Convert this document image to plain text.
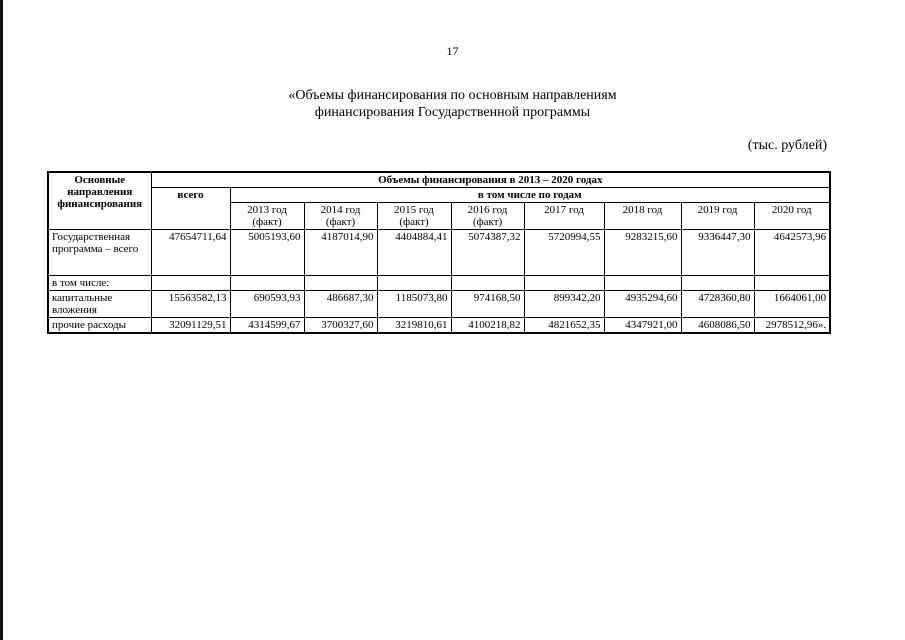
17
«Объемы финансирования по основным направлениям
финансирования Государственной программы
(тыс. рублей)
Основные направления финансирования	Объемы финансирования в 2013 – 2020 годах								
	всего	в том числе по годам							
		2013 год (факт)	2014 год (факт)	2015 год (факт)	2016 год (факт)	2017 год	2018 год	2019 год	2020 год
Государственная программа – всего	47654711,64	5005193,60	4187014,90	4404884,41	5074387,32	5720994,55	9283215,60	9336447,30	4642573,96
в том числе:									
капитальные вложения	15563582,13	690593,93	486687,30	1185073,80	974168,50	899342,20	4935294,60	4728360,80	1664061,00
прочие расходы	32091129,51	4314599,67	3700327,60	3219810,61	4100218,82	4821652,35	4347921,00	4608086,50	2978512,96».
